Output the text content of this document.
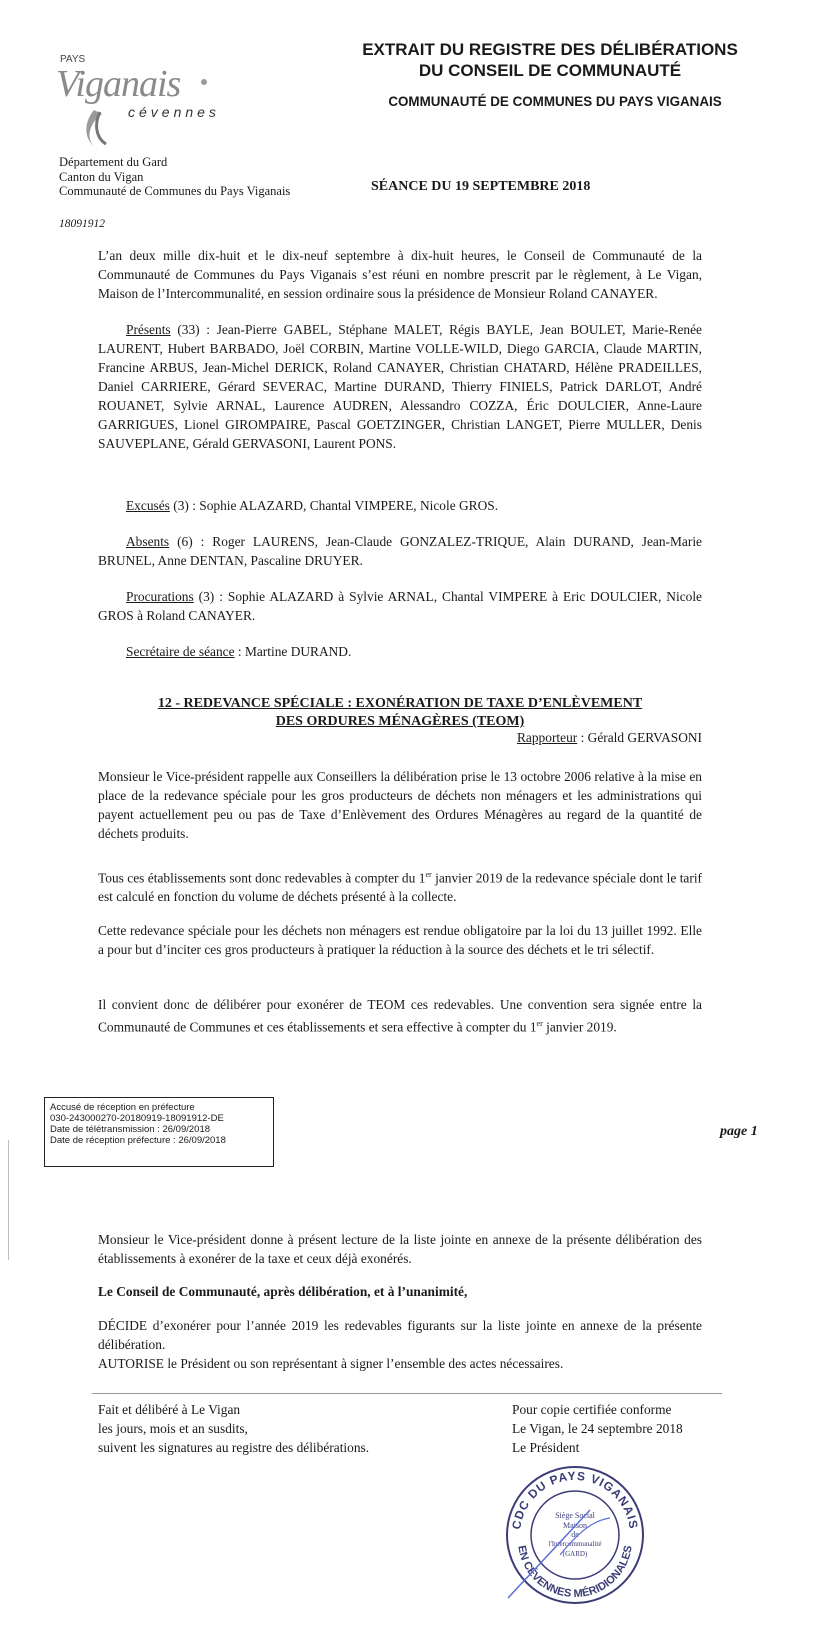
PAYS
Viganais
cévennes
EXTRAIT DU REGISTRE DES DÉLIBÉRATIONS
DU CONSEIL DE COMMUNAUTÉ
COMMUNAUTÉ DE COMMUNES DU PAYS VIGANAIS
Département du Gard
Canton du Vigan
Communauté de Communes du Pays Viganais	SÉANCE DU 19 SEPTEMBRE 2018
18091912

L’an deux mille dix-huit et le dix-neuf septembre à dix-huit heures, le Conseil de Communauté de la Communauté de Communes du Pays Viganais s’est réuni en nombre prescrit par le règlement, à Le Vigan, Maison de l’Intercommunalité, en session ordinaire sous la présidence de Monsieur Roland CANAYER.

Présents (33) : Jean-Pierre GABEL, Stéphane MALET, Régis BAYLE, Jean BOULET, Marie-Renée LAURENT, Hubert BARBADO, Joël CORBIN, Martine VOLLE-WILD, Diego GARCIA, Claude MARTIN, Francine ARBUS, Jean-Michel DERICK, Roland CANAYER, Christian CHATARD, Hélène PRADEILLES, Daniel CARRIERE, Gérard SEVERAC, Martine DURAND, Thierry FINIELS, Patrick DARLOT, André ROUANET, Sylvie ARNAL, Laurence AUDREN, Alessandro COZZA, Éric DOULCIER, Anne-Laure GARRIGUES, Lionel GIROMPAIRE, Pascal GOETZINGER, Christian LANGET, Pierre MULLER, Denis SAUVEPLANE, Gérald GERVASONI, Laurent PONS.

Excusés (3) : Sophie ALAZARD, Chantal VIMPERE, Nicole GROS.

Absents (6) : Roger LAURENS, Jean-Claude GONZALEZ-TRIQUE, Alain DURAND, Jean-Marie BRUNEL, Anne DENTAN, Pascaline DRUYER.

Procurations (3) : Sophie ALAZARD à Sylvie ARNAL, Chantal VIMPERE à Eric DOULCIER, Nicole GROS à Roland CANAYER.

Secrétaire de séance : Martine DURAND.

12 - REDEVANCE SPÉCIALE : EXONÉRATION DE TAXE D’ENLÈVEMENT
DES ORDURES MÉNAGÈRES (TEOM)
Rapporteur : Gérald GERVASONI

Monsieur le Vice-président rappelle aux Conseillers la délibération prise le 13 octobre 2006 relative à la mise en place de la redevance spéciale pour les gros producteurs de déchets non ménagers et les administrations qui payent actuellement peu ou pas de Taxe d’Enlèvement des Ordures Ménagères au regard de la quantité de déchets produits.

Tous ces établissements sont donc redevables à compter du 1er janvier 2019 de la redevance spéciale dont le tarif est calculé en fonction du volume de déchets présenté à la collecte.

Cette redevance spéciale pour les déchets non ménagers est rendue obligatoire par la loi du 13 juillet 1992. Elle a pour but d’inciter ces gros producteurs à pratiquer la réduction à la source des déchets et le tri sélectif.

Il convient donc de délibérer pour exonérer de TEOM ces redevables. Une convention sera signée entre la Communauté de Communes et ces établissements et sera effective à compter du 1er janvier 2019.

Accusé de réception en préfecture
030-243000270-20180919-18091912-DE
Date de télétransmission : 26/09/2018
Date de réception préfecture : 26/09/2018
page 1

Monsieur le Vice-président donne à présent lecture de la liste jointe en annexe de la présente délibération des établissements à exonérer de la taxe et ceux déjà exonérés.

Le Conseil de Communauté, après délibération, et à l’unanimité,

DÉCIDE d’exonérer pour l’année 2019 les redevables figurants sur la liste jointe en annexe de la présente délibération.

AUTORISE le Président ou son représentant à signer l’ensemble des actes nécessaires.

Fait et délibéré à Le Vigan
les jours, mois et an susdits,
suivent les signatures au registre des délibérations.
Pour copie certifiée conforme
Le Vigan, le 24 septembre 2018
Le Président
CDC DU PAYS VIGANAIS
EN CÉVENNES MÉRIDIONALES
Siège Social
Maison
de
l'Intercommunalité
(GARD)
